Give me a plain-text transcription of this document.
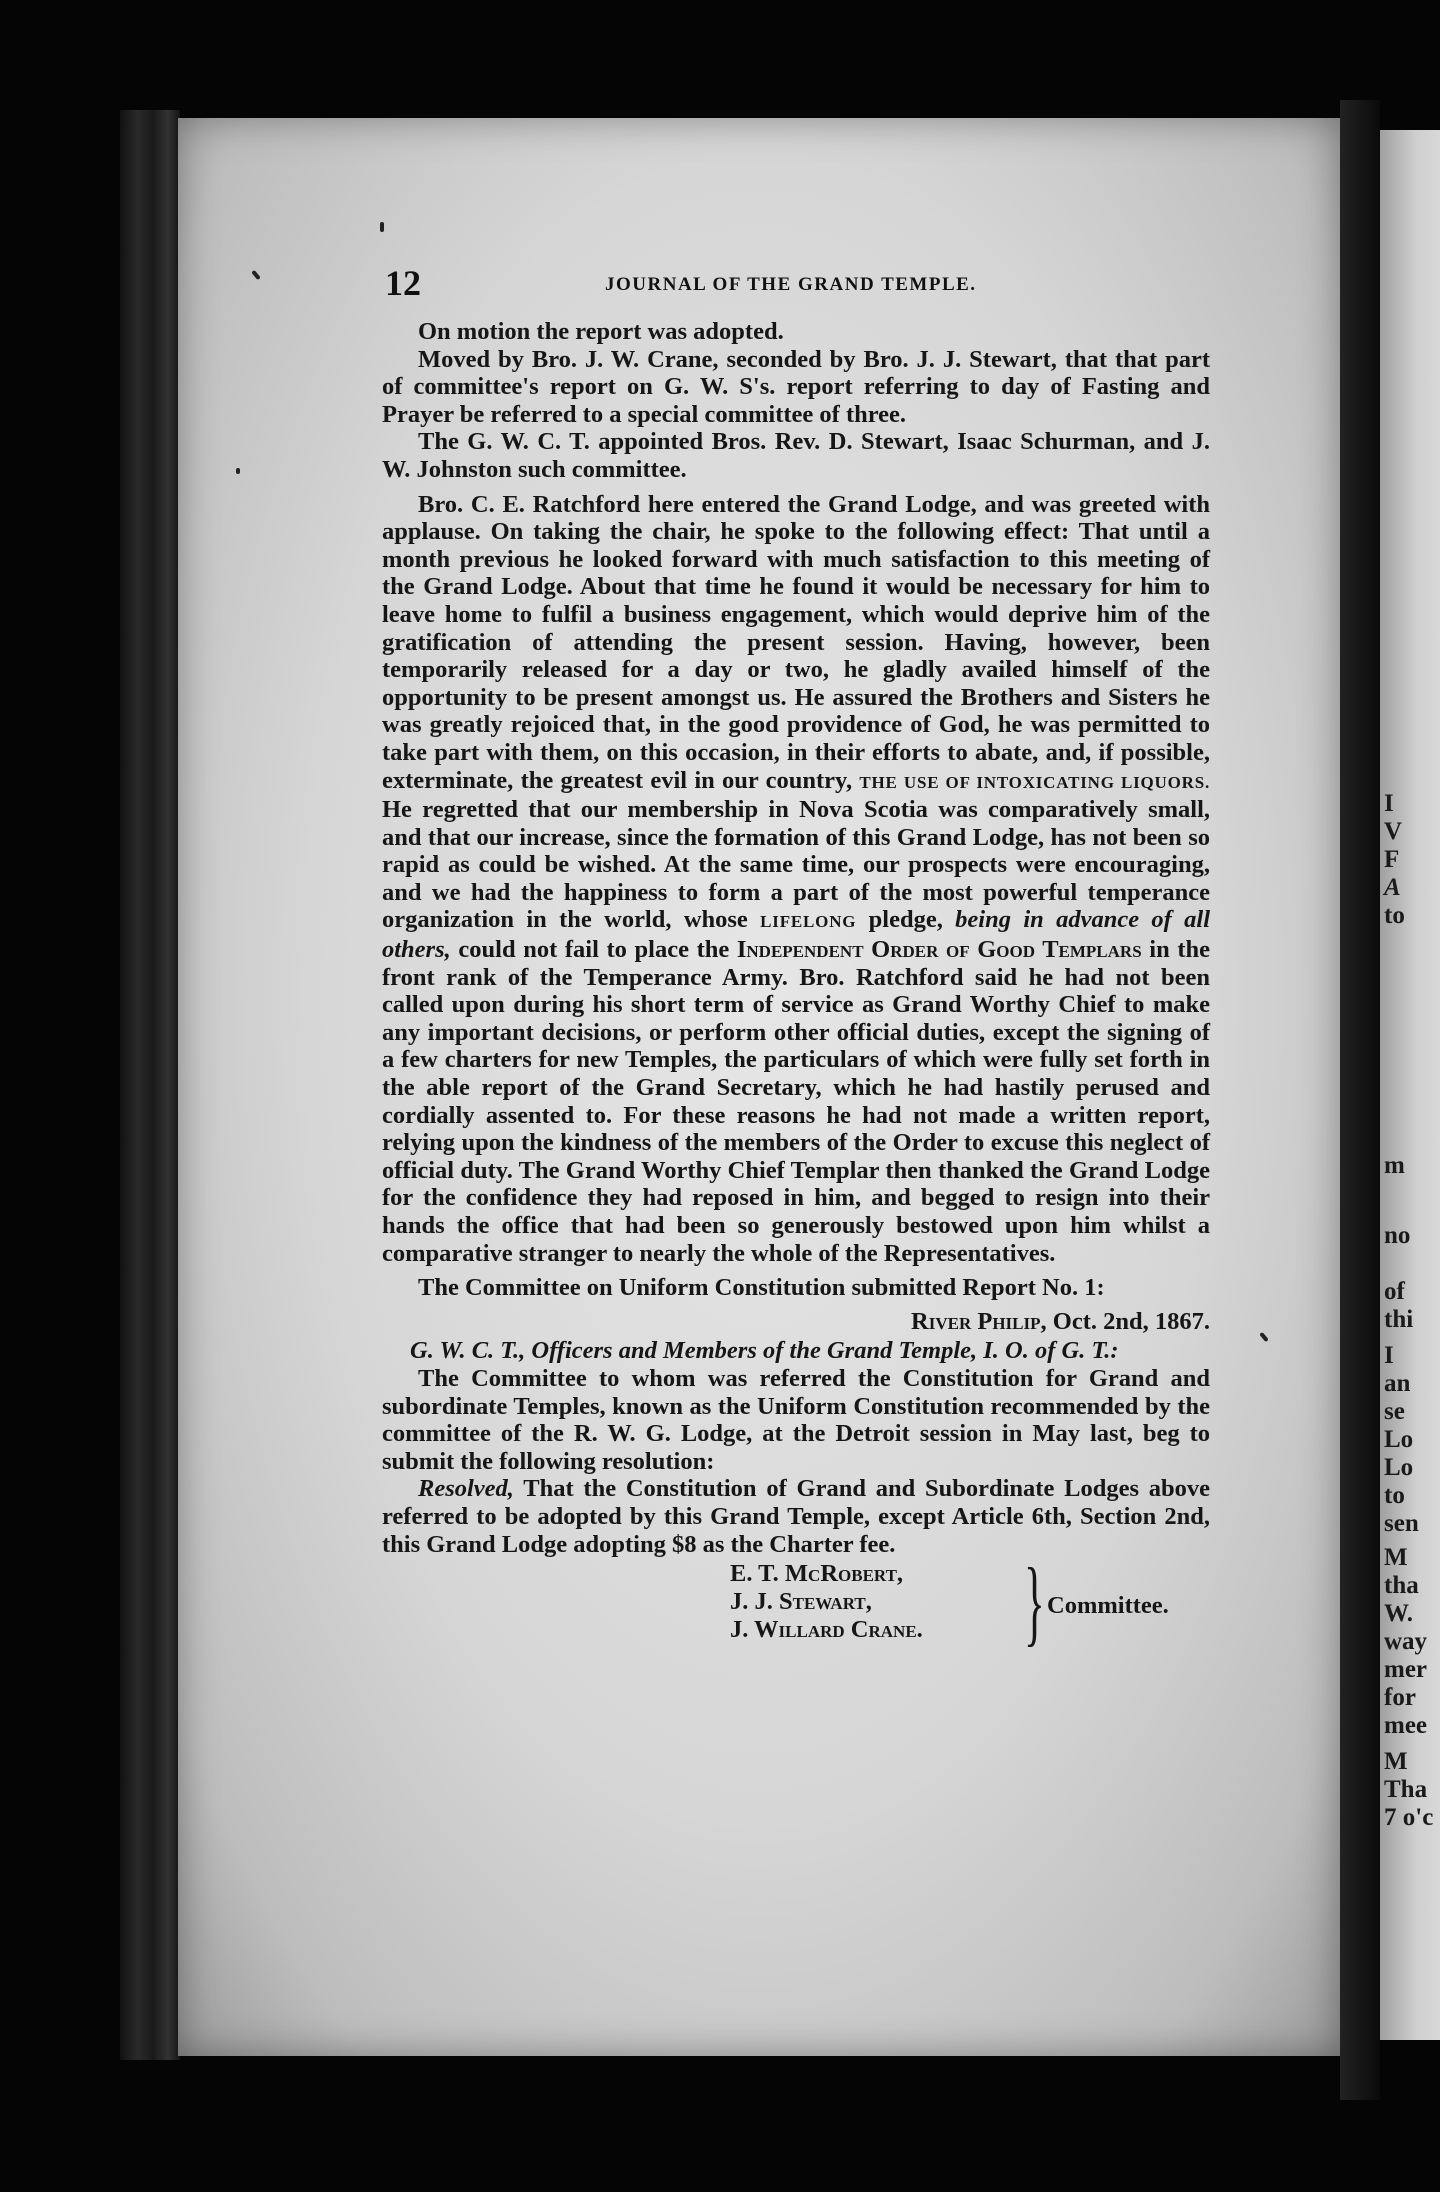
I
V
F
A
to
m
no
of
thi
I
an
se
Lo
Lo
to
sen
M
tha
W.
way
mer
for
mee
M
Tha
7 o'c
12	JOURNAL OF THE GRAND TEMPLE.

On motion the report was adopted.

Moved by Bro. J. W. Crane, seconded by Bro. J. J. Stewart, that that part of committee's report on G. W. S's. report referring to day of Fasting and Prayer be referred to a special committee of three.

The G. W. C. T. appointed Bros. Rev. D. Stewart, Isaac Schurman, and J. W. Johnston such committee.

Bro. C. E. Ratchford here entered the Grand Lodge, and was greeted with applause. On taking the chair, he spoke to the following effect: That until a month previous he looked forward with much satisfaction to this meeting of the Grand Lodge. About that time he found it would be necessary for him to leave home to fulfil a business engagement, which would deprive him of the gratification of attending the present session. Having, however, been temporarily released for a day or two, he gladly availed himself of the opportunity to be present amongst us. He assured the Brothers and Sisters he was greatly rejoiced that, in the good providence of God, he was permitted to take part with them, on this occasion, in their efforts to abate, and, if possible, exterminate, the greatest evil in our country, THE USE OF INTOXICATING LIQUORS. He regretted that our membership in Nova Scotia was comparatively small, and that our increase, since the formation of this Grand Lodge, has not been so rapid as could be wished. At the same time, our prospects were encouraging, and we had the happiness to form a part of the most powerful temperance organization in the world, whose LIFELONG pledge, being in advance of all others, could not fail to place the Independent Order of Good Templars in the front rank of the Temperance Army. Bro. Ratchford said he had not been called upon during his short term of service as Grand Worthy Chief to make any important decisions, or perform other official duties, except the signing of a few charters for new Temples, the particulars of which were fully set forth in the able report of the Grand Secretary, which he had hastily perused and cordially assented to. For these reasons he had not made a written report, relying upon the kindness of the members of the Order to excuse this neglect of official duty. The Grand Worthy Chief Templar then thanked the Grand Lodge for the confidence they had reposed in him, and begged to resign into their hands the office that had been so generously bestowed upon him whilst a comparative stranger to nearly the whole of the Representatives.

The Committee on Uniform Constitution submitted Report No. 1:

River Philip, Oct. 2nd, 1867.

G. W. C. T., Officers and Members of the Grand Temple, I. O. of G. T.:

The Committee to whom was referred the Constitution for Grand and subordinate Temples, known as the Uniform Constitution recommended by the committee of the R. W. G. Lodge, at the Detroit session in May last, beg to submit the following resolution:

Resolved, That the Constitution of Grand and Subordinate Lodges above referred to be adopted by this Grand Temple, except Article 6th, Section 2nd, this Grand Lodge adopting $8 as the Charter fee.

E. T. McRobert,
J. J. Stewart,
J. Willard Crane. } Committee.
